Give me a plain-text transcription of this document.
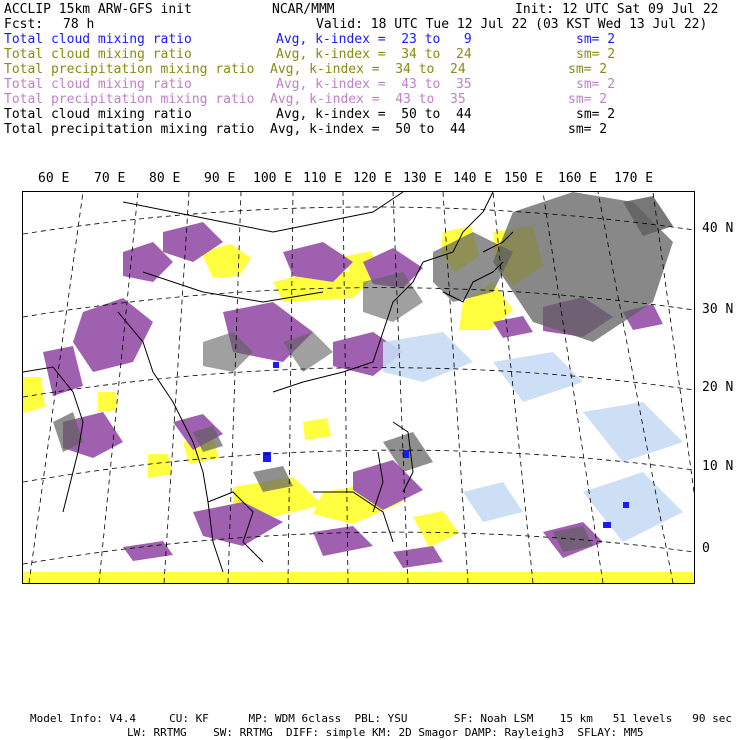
ACCLIP 15km ARW-GFS init	NCAR/MMM	Init: 12 UTC Sat 09 Jul 22
Fcst: 78 h	Valid: 18 UTC Tue 12 Jul 22 (03 KST Wed 13 Jul 22)
Total cloud mixing ratio	Avg, k-index =  23 to   9	sm= 2
Total cloud mixing ratio	Avg, k-index =  34 to  24	sm= 2
Total precipitation mixing ratio Avg, k-index =  34 to  24	sm= 2
Total cloud mixing ratio	Avg, k-index =  43 to  35	sm= 2
Total precipitation mixing ratio Avg, k-index =  43 to  35	sm= 2
Total cloud mixing ratio	Avg, k-index =  50 to  44	sm= 2
Total precipitation mixing ratio Avg, k-index =  50 to  44	sm= 2
60 E 70 E 80 E 90 E 100 E 110 E 120 E 130 E 140 E 150 E 160 E 170 E
40 N
30 N
20 N
10 N
0
Model Info: V4.4     CU: KF      MP: WDM 6class  PBL: YSU       SF: Noah LSM    15 km   51 levels   90 sec
LW: RRTMG    SW: RRTMG  DIFF: simple KM: 2D Smagor DAMP: Rayleigh3  SFLAY: MM5
